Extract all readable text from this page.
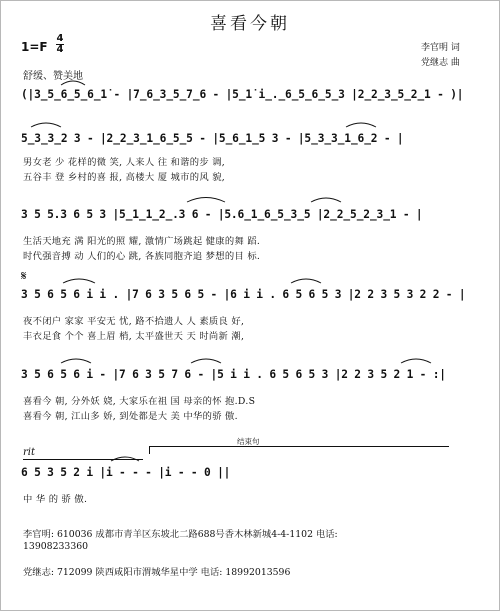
喜看今朝
1=F
4
4	李官明 词
党继志 曲
舒缓、赞美地
(|3̲5̲6̲5̲6̲1̇ - |7̲6̲3̲5̲7̲6 - |5̲1̇ i̲.̲6̲5̲6̲5̲3 |2̲2̲3̲5̲2̲1 - )|
5̲3̲3̲2 3 - |2̲2̲3̲1̲6̲5̲5 - |5̲6̲1̲5 3 - |5̲3̲3̲1̲6̲2 - |
男女老 少 花样的微 笑, 人来人 往 和谐的步 调,
五谷丰 登 乡村的喜 报, 高楼大 厦 城市的风 貌,
3 5 5.3 6 5 3 |5̲1̲1̲2̲.3 6 - |5.6̲1̲6̲5̲3̲5 |2̲2̲5̲2̲3̲1 - |
生活天地充 满 阳光的照 耀, 激情广场跳起 健康的舞 蹈.
时代强音搏 动 人们的心 跳, 各族同胞齐追 梦想的目 标.
𝄋
3 5 6 5 6 i i . |7 6 3 5 6 5 - |6 i i . 6 5 6 5 3 |2 2 3 5 3 2 2 - |
夜不闭户 家家 平安无 忧, 路不拾遗人 人 素质良 好,
丰衣足食 个个 喜上眉 梢, 太平盛世天 天 时尚新 潮,
3 5 6 5 6 i - |7 6 3 5 7 6 - |5 i i . 6 5 6 5 3 |2 2 3 5 2 1 - :|
喜看今 朝, 分外妖 娆, 大家乐在祖 国 母亲的怀 抱.D.S
喜看今 朝, 江山多 娇, 到处都是大 美 中华的骄 傲.
结束句
rit
6 5 3 5 2 i |i - - - |i - - 0 ||
中 华 的 骄 傲.
李官明: 610036 成都市青羊区东坡北二路688号香木林新城4-4-1102 电话:
13908233360
党继志: 712099 陕西咸阳市渭城华星中学 电话: 18992013596
